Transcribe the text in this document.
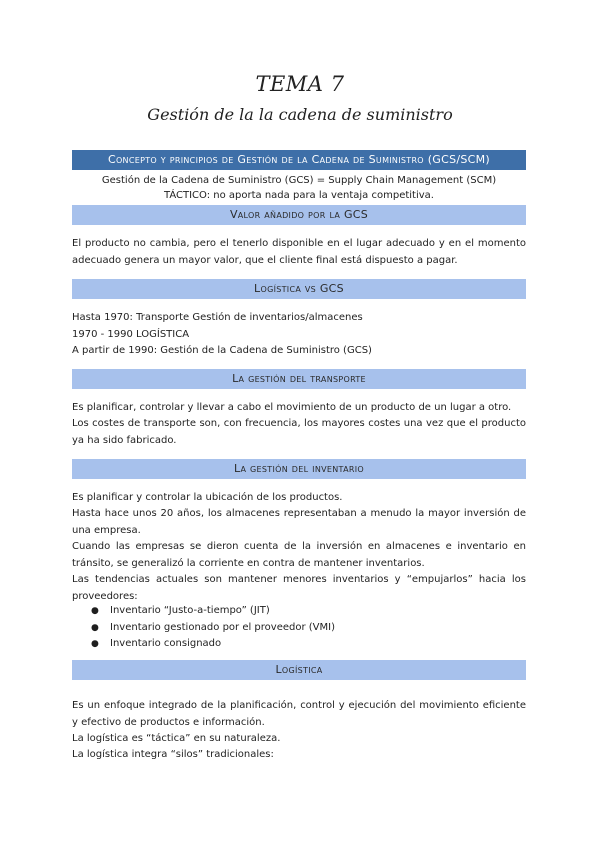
TEMA 7
Gestión de la la cadena de suministro
Concepto y principios de Gestión de la Cadena de Suministro (GCS/SCM)
Gestión de la Cadena de Suministro (GCS) = Supply Chain Management (SCM)
TÁCTICO: no aporta nada para la ventaja competitiva.
Valor añadido por la GCS
El producto no cambia, pero el tenerlo disponible en el lugar adecuado y en el momento adecuado genera un mayor valor, que el cliente final está dispuesto a pagar.
Logística vs GCS
Hasta 1970: Transporte Gestión de inventarios/almacenes
1970 - 1990 LOGÍSTICA
A partir de 1990: Gestión de la Cadena de Suministro (GCS)
La gestión del transporte
Es planificar, controlar y llevar a cabo el movimiento de un producto de un lugar a otro.
Los costes de transporte son, con frecuencia, los mayores costes una vez que el producto ya ha sido fabricado.
La gestión del inventario
Es planificar y controlar la ubicación de los productos.
Hasta hace unos 20 años, los almacenes representaban a menudo la mayor inversión de una empresa.
Cuando las empresas se dieron cuenta de la inversión en almacenes e inventario en tránsito, se generalizó la corriente en contra de mantener inventarios.
Las tendencias actuales son mantener menores inventarios y “empujarlos” hacia los proveedores:
● Inventario “Justo-a-tiempo” (JIT)
● Inventario gestionado por el proveedor (VMI)
● Inventario consignado
Logística
Es un enfoque integrado de la planificación, control y ejecución del movimiento eficiente y efectivo de productos e información.
La logística es “táctica” en su naturaleza.
La logística integra “silos” tradicionales:
